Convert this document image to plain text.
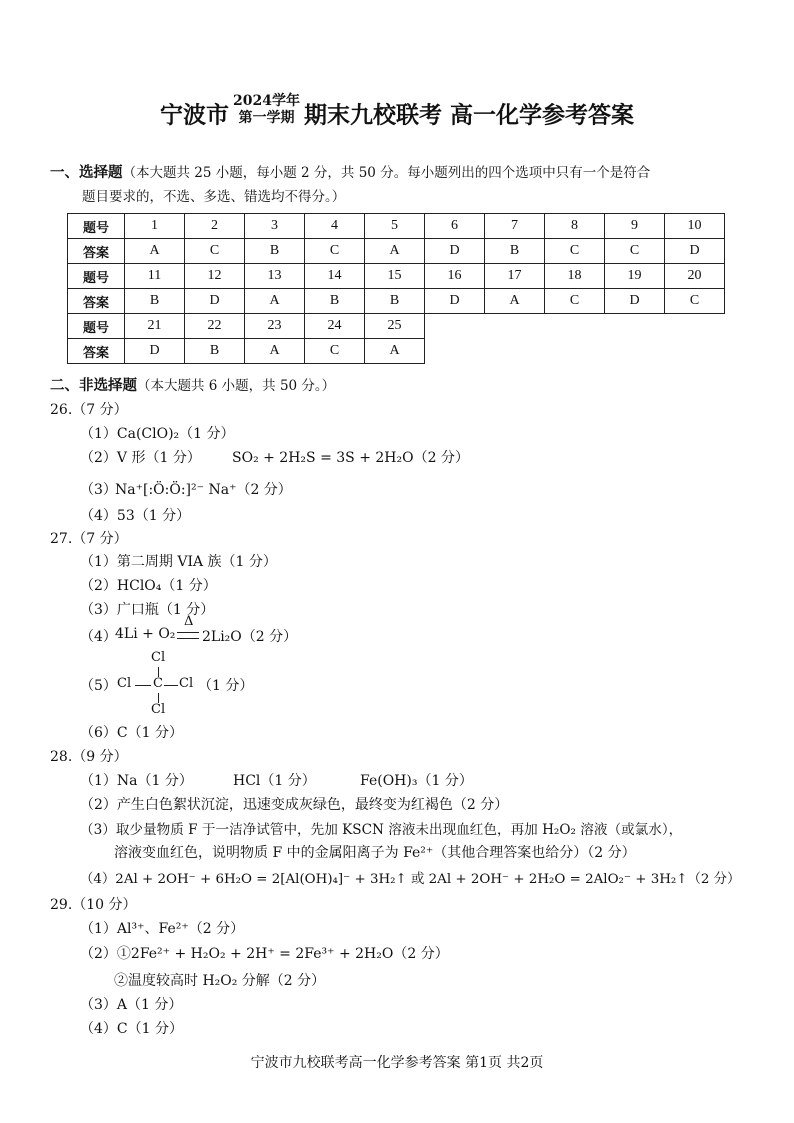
宁波市
2024学年
第一学期 期末九校联考 高一化学参考答案
一、选择题（本大题共 25 小题，每小题 2 分，共 50 分。每小题列出的四个选项中只有一个是符合
题目要求的，不选、多选、错选均不得分。）
题号	1	2	3	4	5	6	7	8	9	10
答案	A	C	B	C	A	D	B	C	C	D
题号	11	12	13	14	15	16	17	18	19	20
答案	B	D	A	B	B	D	A	C	D	C
题号	21	22	23	24	25					
答案	D	B	A	C	A					
二、非选择题（本大题共 6 小题，共 50 分。）
26.（7 分）
（1）Ca(ClO)₂（1 分）
（2）V 形（1 分） SO₂ + 2H₂S = 3S + 2H₂O（2 分）
（3）
Na⁺[:Ö:Ö:]²⁻ Na⁺（2 分）
（4）53（1 分）
27.（7 分）
（1）第二周期 VIA 族（1 分）
（2）HClO₄（1 分）
（3）广口瓶（1 分）
（4）
4Li + O₂
Δ
2Li₂O（2 分）
（5）
Cl
Cl C Cl
Cl
（1 分）
（6）C（1 分）
28.（9 分）
（1）Na（1 分）	HCl（1 分）	Fe(OH)₃（1 分）
（2）产生白色絮状沉淀，迅速变成灰绿色，最终变为红褐色（2 分）
（3）取少量物质 F 于一洁净试管中，先加 KSCN 溶液未出现血红色，再加 H₂O₂ 溶液（或氯水），
溶液变血红色，说明物质 F 中的金属阳离子为 Fe²⁺（其他合理答案也给分）（2 分）
（4）2Al + 2OH⁻ + 6H₂O = 2[Al(OH)₄]⁻ + 3H₂↑ 或 2Al + 2OH⁻ + 2H₂O = 2AlO₂⁻ + 3H₂↑（2 分）
29.（10 分）
（1）Al³⁺、Fe²⁺（2 分）
（2）①2Fe²⁺ + H₂O₂ + 2H⁺ = 2Fe³⁺ + 2H₂O（2 分）
②温度较高时 H₂O₂ 分解（2 分）
（3）A（1 分）
（4）C（1 分）
宁波市九校联考高一化学参考答案 第1页 共2页
